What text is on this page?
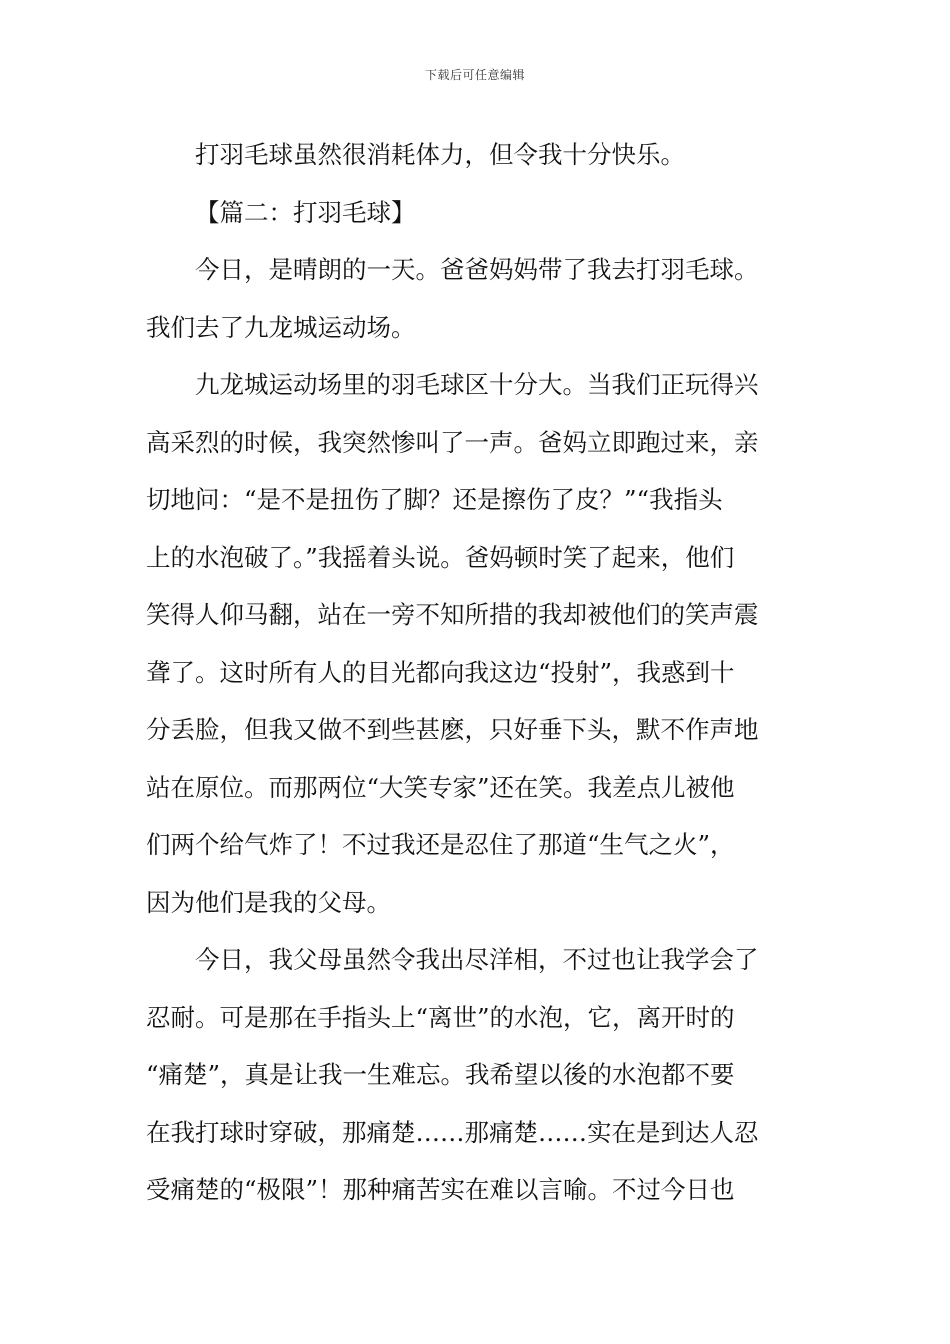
下载后可任意编辑
打羽毛球虽然很消耗体力，但令我十分快乐。
【篇二：打羽毛球】
今日，是晴朗的一天。爸爸妈妈带了我去打羽毛球。
我们去了九龙城运动场。
九龙城运动场里的羽毛球区十分大。当我们正玩得兴
高采烈的时候，我突然惨叫了一声。爸妈立即跑过来，亲
切地问：“是不是扭伤了脚？还是擦伤了皮？”“我指头
上的水泡破了。”我摇着头说。爸妈顿时笑了起来，他们
笑得人仰马翻，站在一旁不知所措的我却被他们的笑声震
聋了。这时所有人的目光都向我这边“投射”，我惑到十
分丢脸，但我又做不到些甚麽，只好垂下头，默不作声地
站在原位。而那两位“大笑专家”还在笑。我差点儿被他
们两个给气炸了！不过我还是忍住了那道“生气之火”，
因为他们是我的父母。
今日，我父母虽然令我出尽洋相，不过也让我学会了
忍耐。可是那在手指头上“离世”的水泡，它，离开时的
“痛楚”，真是让我一生难忘。我希望以後的水泡都不要
在我打球时穿破，那痛楚……那痛楚……实在是到达人忍
受痛楚的“极限”！那种痛苦实在难以言喻。不过今日也
